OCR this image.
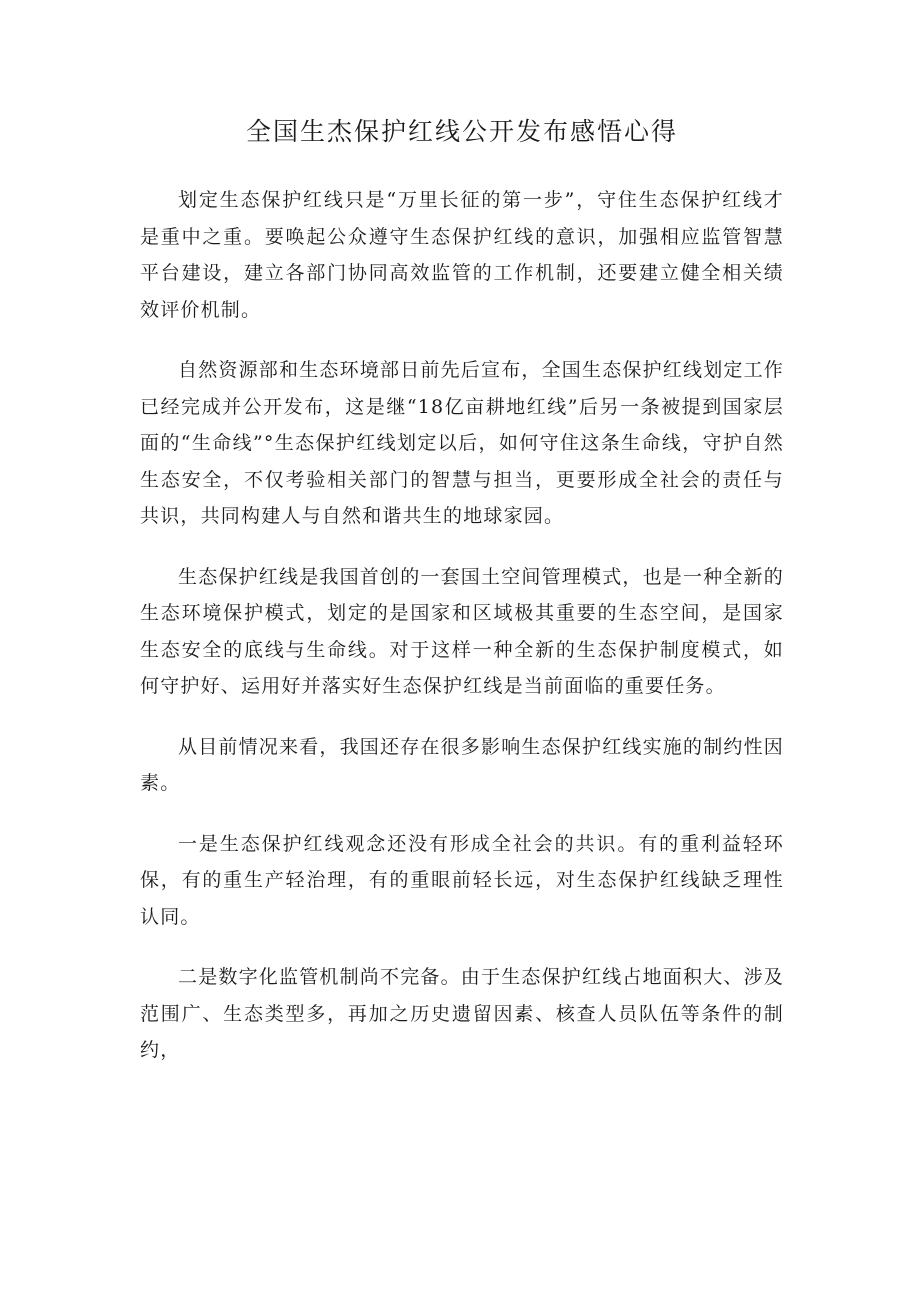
全国生杰保护红线公开发布感悟心得

划定生态保护红线只是“万里长征的第一步”，守住生态保护红线才是重中之重。要唤起公众遵守生态保护红线的意识，加强相应监管智慧平台建设，建立各部门协同高效监管的工作机制，还要建立健全相关绩效评价机制。

自然资源部和生态环境部日前先后宣布，全国生态保护红线划定工作已经完成并公开发布，这是继“18亿亩耕地红线”后另一条被提到国家层面的“生命线”°生态保护红线划定以后，如何守住这条生命线，守护自然生态安全，不仅考验相关部门的智慧与担当，更要形成全社会的责任与共识，共同构建人与自然和谐共生的地球家园。

生态保护红线是我国首创的一套国土空间管理模式，也是一种全新的生态环境保护模式，划定的是国家和区域极其重要的生态空间，是国家生态安全的底线与生命线。对于这样一种全新的生态保护制度模式，如何守护好、运用好并落实好生态保护红线是当前面临的重要任务。

从目前情况来看，我国还存在很多影响生态保护红线实施的制约性因素。

一是生态保护红线观念还没有形成全社会的共识。有的重利益轻环保，有的重生产轻治理，有的重眼前轻长远，对生态保护红线缺乏理性认同。

二是数字化监管机制尚不完备。由于生态保护红线占地面积大、涉及范围广、生态类型多，再加之历史遗留因素、核查人员队伍等条件的制约，
